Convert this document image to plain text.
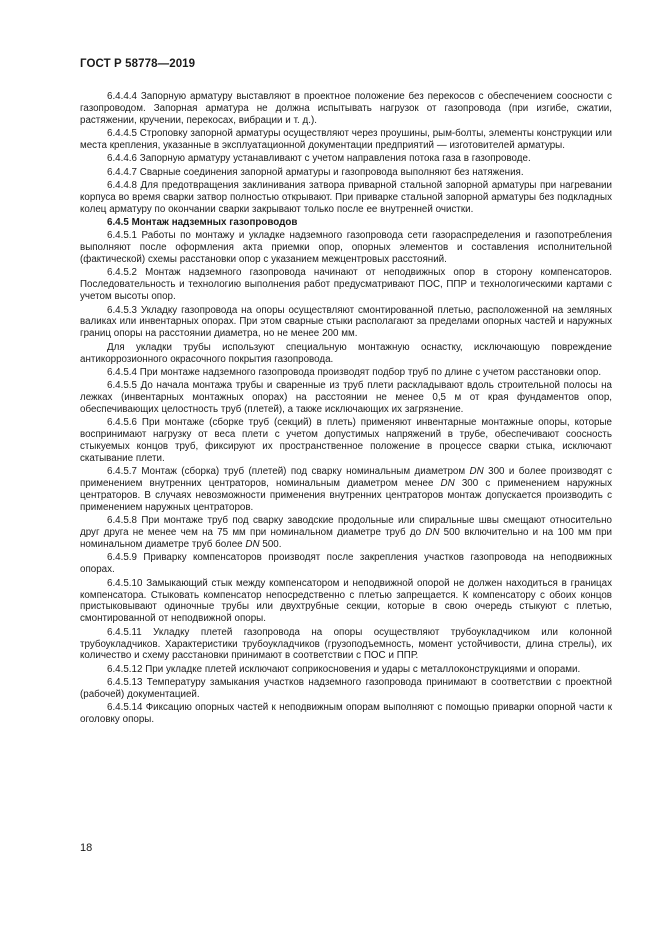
ГОСТ Р 58778—2019

6.4.4.4 Запорную арматуру выставляют в проектное положение без перекосов с обеспечением соосности с газопроводом. Запорная арматура не должна испытывать нагрузок от газопровода (при изгибе, сжатии, растяжении, кручении, перекосах, вибрации и т. д.).

6.4.4.5 Строповку запорной арматуры осуществляют через проушины, рым-болты, элементы конструкции или места крепления, указанные в эксплуатационной документации предприятий — изготовителей арматуры.

6.4.4.6 Запорную арматуру устанавливают с учетом направления потока газа в газопроводе.

6.4.4.7 Сварные соединения запорной арматуры и газопровода выполняют без натяжения.

6.4.4.8 Для предотвращения заклинивания затвора приварной стальной запорной арматуры при нагревании корпуса во время сварки затвор полностью открывают. При приварке стальной запорной арматуры без подкладных колец арматуру по окончании сварки закрывают только после ее внутренней очистки.

6.4.5 Монтаж надземных газопроводов

6.4.5.1 Работы по монтажу и укладке надземного газопровода сети газораспределения и газопотребления выполняют после оформления акта приемки опор, опорных элементов и составления исполнительной (фактической) схемы расстановки опор с указанием межцентровых расстояний.

6.4.5.2 Монтаж надземного газопровода начинают от неподвижных опор в сторону компенсаторов. Последовательность и технологию выполнения работ предусматривают ПОС, ППР и технологическими картами с учетом высоты опор.

6.4.5.3 Укладку газопровода на опоры осуществляют смонтированной плетью, расположенной на земляных валиках или инвентарных опорах. При этом сварные стыки располагают за пределами опорных частей и наружных границ опоры на расстоянии диаметра, но не менее 200 мм.

Для укладки трубы используют специальную монтажную оснастку, исключающую повреждение антикоррозионного окрасочного покрытия газопровода.

6.4.5.4 При монтаже надземного газопровода производят подбор труб по длине с учетом расстановки опор.

6.4.5.5 До начала монтажа трубы и сваренные из труб плети раскладывают вдоль строительной полосы на лежках (инвентарных монтажных опорах) на расстоянии не менее 0,5 м от края фундаментов опор, обеспечивающих целостность труб (плетей), а также исключающих их загрязнение.

6.4.5.6 При монтаже (сборке труб (секций) в плеть) применяют инвентарные монтажные опоры, которые воспринимают нагрузку от веса плети с учетом допустимых напряжений в трубе, обеспечивают соосность стыкуемых концов труб, фиксируют их пространственное положение в процессе сварки стыка, исключают скатывание плети.

6.4.5.7 Монтаж (сборка) труб (плетей) под сварку номинальным диаметром DN 300 и более производят с применением внутренних центраторов, номинальным диаметром менее DN 300 с применением наружных центраторов. В случаях невозможности применения внутренних центраторов монтаж допускается производить с применением наружных центраторов.

6.4.5.8 При монтаже труб под сварку заводские продольные или спиральные швы смещают относительно друг друга не менее чем на 75 мм при номинальном диаметре труб до DN 500 включительно и на 100 мм при номинальном диаметре труб более DN 500.

6.4.5.9 Приварку компенсаторов производят после закрепления участков газопровода на неподвижных опорах.

6.4.5.10 Замыкающий стык между компенсатором и неподвижной опорой не должен находиться в границах компенсатора. Стыковать компенсатор непосредственно с плетью запрещается. К компенсатору с обоих концов пристыковывают одиночные трубы или двухтрубные секции, которые в свою очередь стыкуют с плетью, смонтированной от неподвижной опоры.

6.4.5.11 Укладку плетей газопровода на опоры осуществляют трубоукладчиком или колонной трубоукладчиков. Характеристики трубоукладчиков (грузоподъемность, момент устойчивости, длина стрелы), их количество и схему расстановки принимают в соответствии с ПОС и ППР.

6.4.5.12 При укладке плетей исключают соприкосновения и удары с металлоконструкциями и опорами.

6.4.5.13 Температуру замыкания участков надземного газопровода принимают в соответствии с проектной (рабочей) документацией.

6.4.5.14 Фиксацию опорных частей к неподвижным опорам выполняют с помощью приварки опорной части к оголовку опоры.

18
